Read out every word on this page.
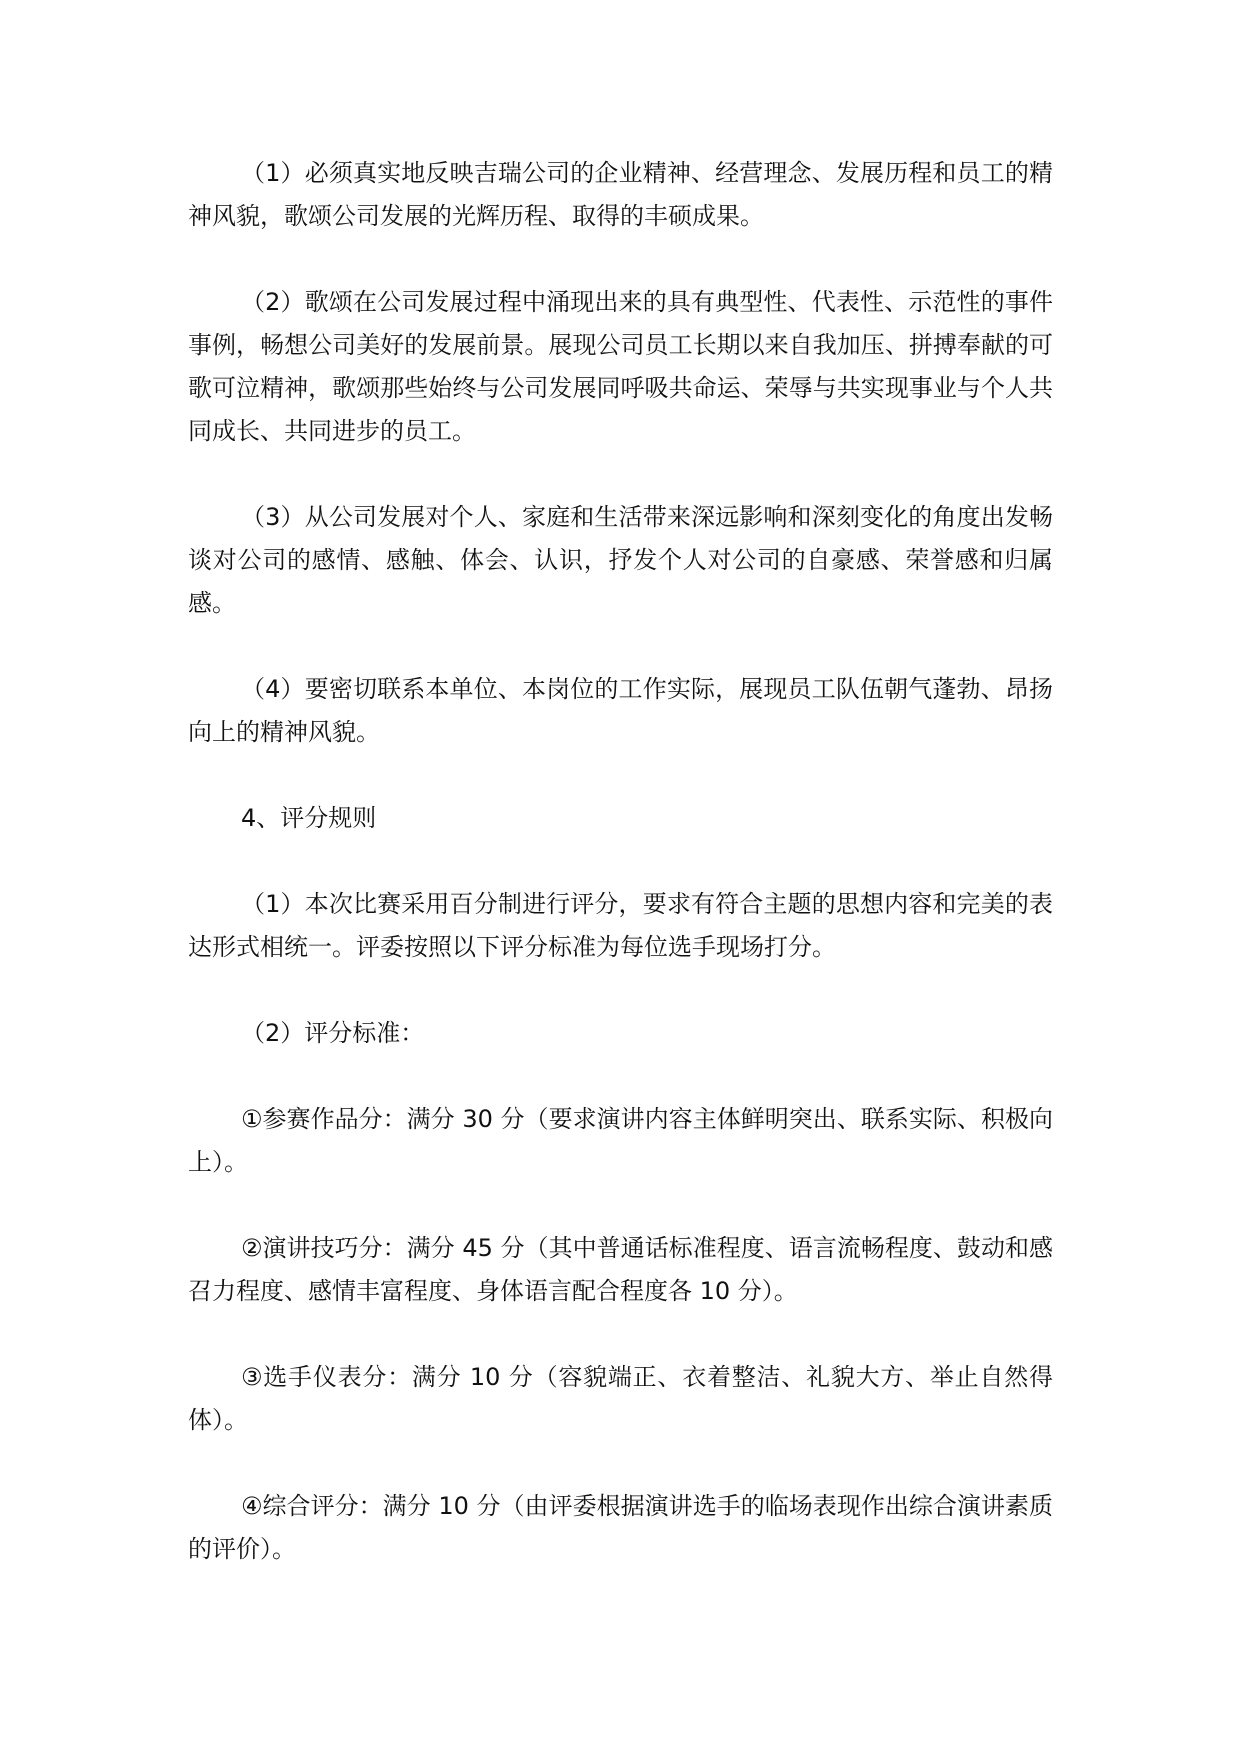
（1）必须真实地反映吉瑞公司的企业精神、经营理念、发展历程和员工的精神风貌，歌颂公司发展的光辉历程、取得的丰硕成果。

（2）歌颂在公司发展过程中涌现出来的具有典型性、代表性、示范性的事件事例，畅想公司美好的发展前景。展现公司员工长期以来自我加压、拼搏奉献的可歌可泣精神，歌颂那些始终与公司发展同呼吸共命运、荣辱与共实现事业与个人共同成长、共同进步的员工。

（3）从公司发展对个人、家庭和生活带来深远影响和深刻变化的角度出发畅谈对公司的感情、感触、体会、认识，抒发个人对公司的自豪感、荣誉感和归属感。

（4）要密切联系本单位、本岗位的工作实际，展现员工队伍朝气蓬勃、昂扬向上的精神风貌。

4、评分规则

（1）本次比赛采用百分制进行评分，要求有符合主题的思想内容和完美的表达形式相统一。评委按照以下评分标准为每位选手现场打分。

（2）评分标准：

①参赛作品分：满分 30 分（要求演讲内容主体鲜明突出、联系实际、积极向上）。

②演讲技巧分：满分 45 分（其中普通话标准程度、语言流畅程度、鼓动和感召力程度、感情丰富程度、身体语言配合程度各 10 分）。

③选手仪表分：满分 10 分（容貌端正、衣着整洁、礼貌大方、举止自然得体）。

④综合评分：满分 10 分（由评委根据演讲选手的临场表现作出综合演讲素质的评价）。
